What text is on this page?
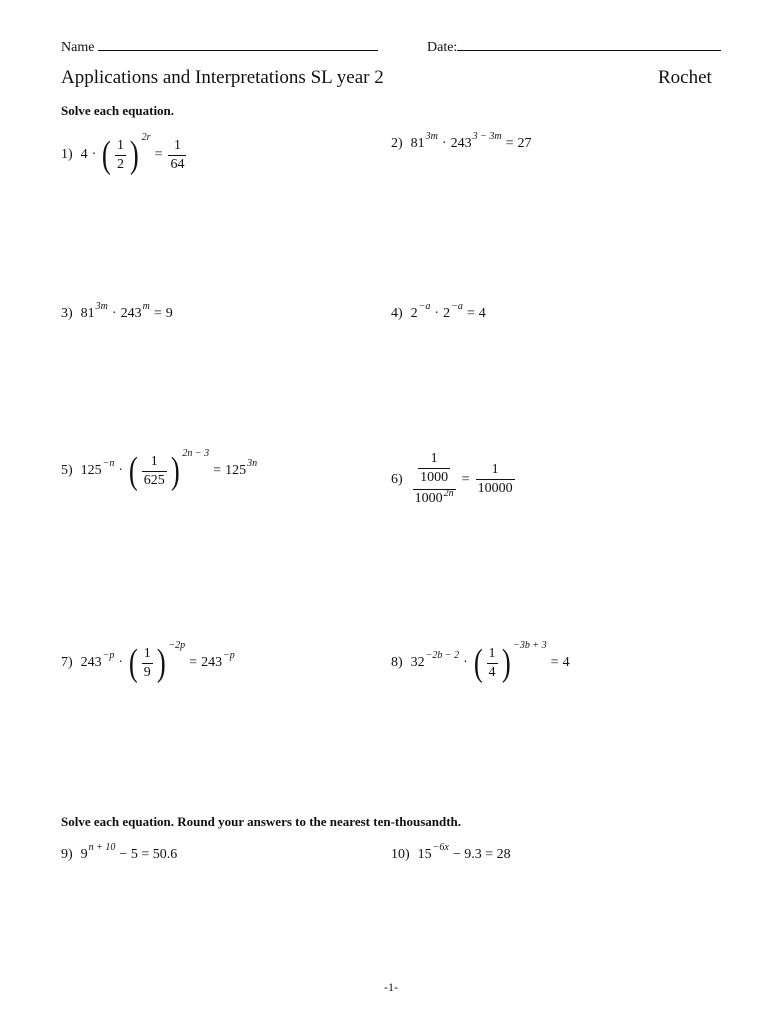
Name	Date:
Applications and Interpretations SL year 2	Rochet
Solve each equation.
1) 4 · ( $\frac{1}{2}$ ) 2r
= $\frac{1}{64}$	2) 81 3m · 243 3 − 3m = 27
3) 81 3m · 243 m = 9	4) 2 −a · 2 −a = 4
5) 125 −n · ( $\frac{1}{625}$ ) 2n − 3
= 125 3n
$6) \frac{\frac{1}{1000}}{1000^{2n}} = \frac{1}{10000}$
7) 243 −p · ( $\frac{1}{9}$ ) −2p
= 243 −p	8) 32 −2b − 2 · ( $\frac{1}{4}$ ) −3b + 3
= 4
Solve each equation. Round your answers to the nearest ten-thousandth.
9) 9 n + 10 − 5 = 50.6	10) 15 −6x − 9.3 = 28
-1-
